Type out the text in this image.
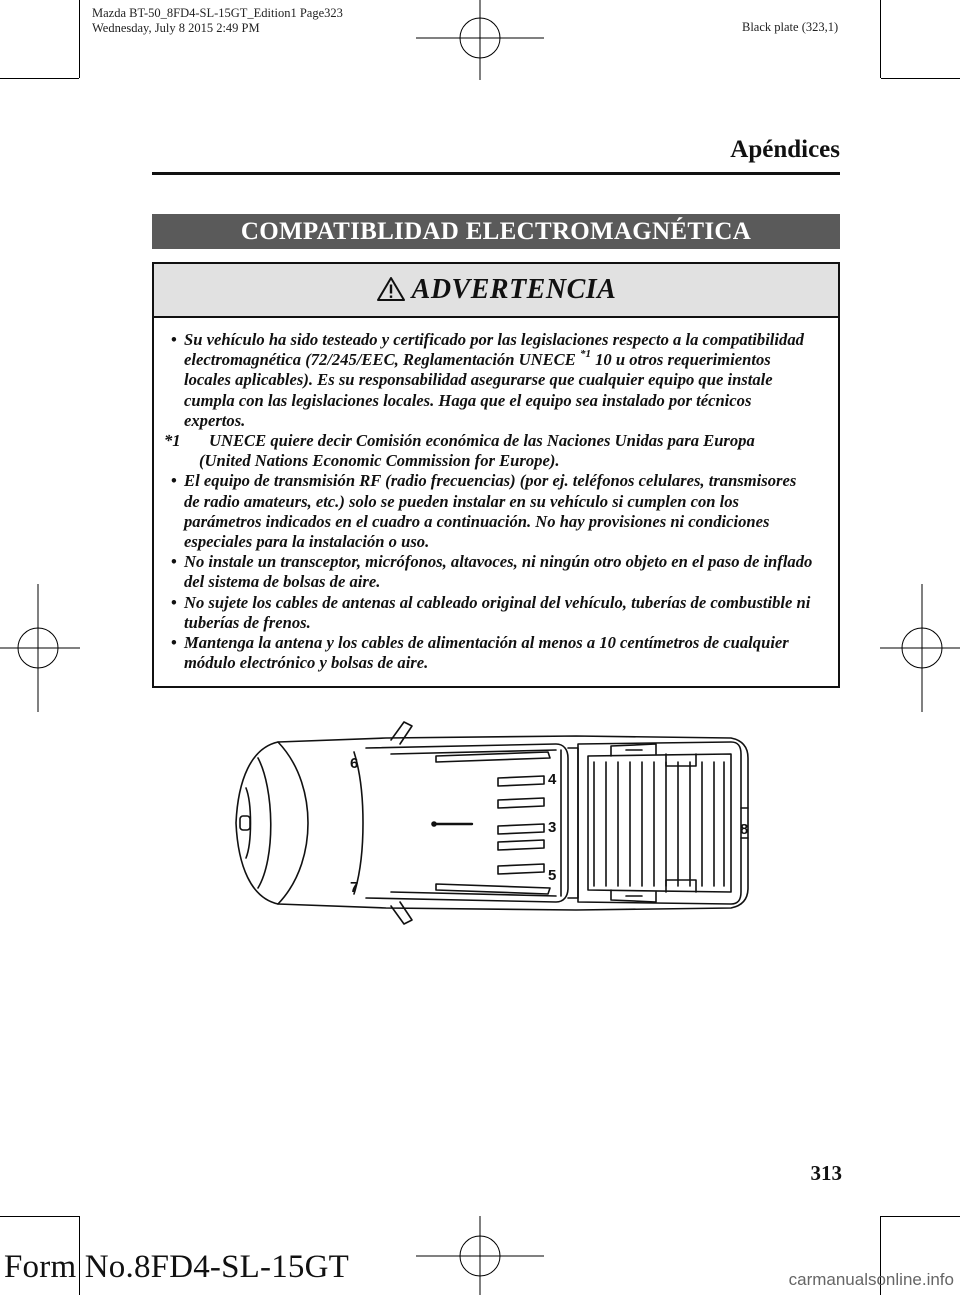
Mazda BT-50_8FD4-SL-15GT_Edition1 Page323
Wednesday, July 8 2015 2:49 PM	Black plate (323,1)
Apéndices
COMPATIBLIDAD ELECTROMAGNÉTICA
ADVERTENCIA
• Su vehículo ha sido testeado y certificado por las legislaciones respecto a la compatibilidad electromagnética (72/245/EEC, Reglamentación UNECE $^{*1}$ 10 u otros requerimientos locales aplicables). Es su responsabilidad asegurarse que cualquier equipo que instale cumpla con las legislaciones locales. Haga que el equipo sea instalado por técnicos expertos.
*1	UNECE quiere decir Comisión económica de las Naciones Unidas para Europa
(United Nations Economic Commission for Europe).
• El equipo de transmisión RF (radio frecuencias) (por ej. teléfonos celulares, transmisores de radio amateurs, etc.) solo se pueden instalar en su vehículo si cumplen con los parámetros indicados en el cuadro a continuación. No hay provisiones ni condiciones especiales para la instalación o uso.
• No instale un transceptor, micrófonos, altavoces, ni ningún otro objeto en el paso de inflado del sistema de bolsas de aire.
• No sujete los cables de antenas al cableado original del vehículo, tuberías de combustible ni tuberías de frenos.
• Mantenga la antena y los cables de alimentación al menos a 10 centímetros de cualquier módulo electrónico y bolsas de aire.
6
4
3
5
7
8
313
Form No.8FD4-SL-15GT	carmanualsonline.info
